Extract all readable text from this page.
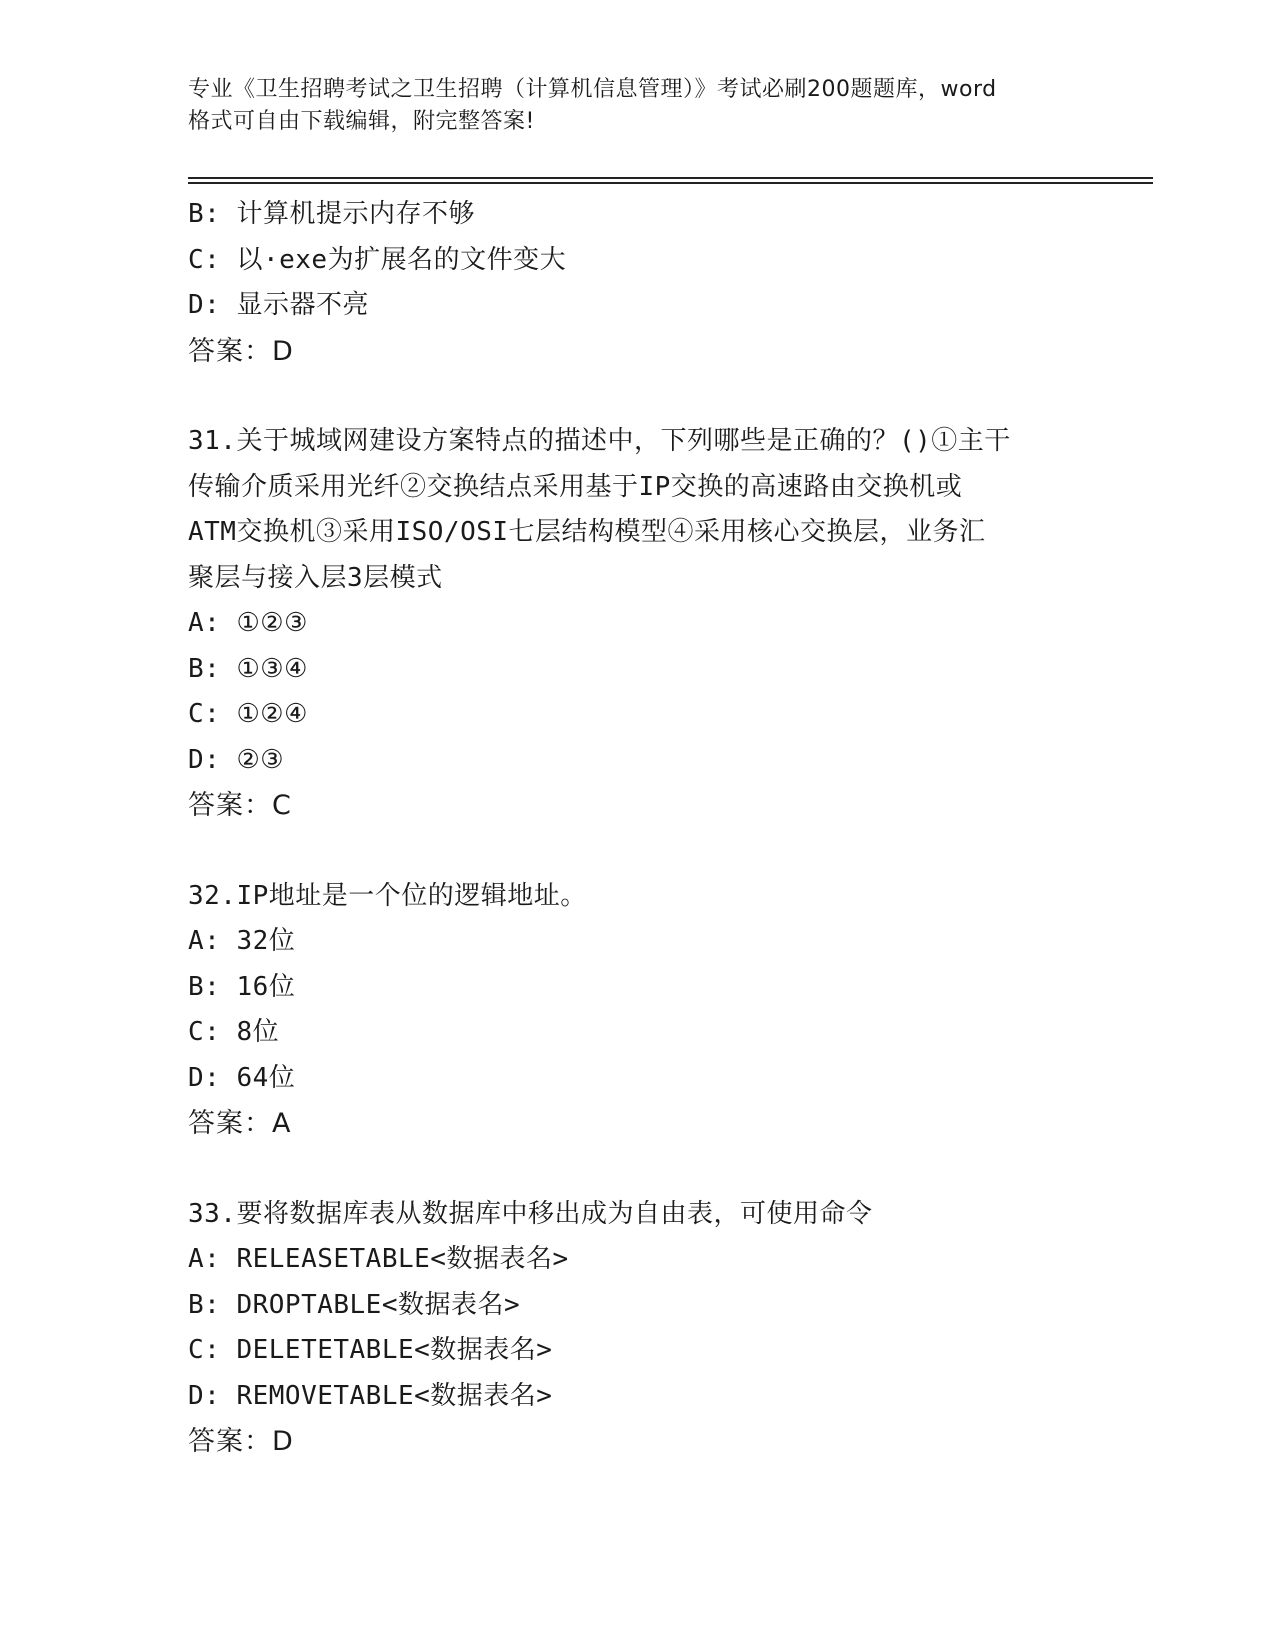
专业《卫生招聘考试之卫生招聘（计算机信息管理）》考试必刷200题题库，word
格式可自由下载编辑，附完整答案!
B: 计算机提示内存不够
C: 以·exe为扩展名的文件变大
D: 显示器不亮
答案：D
31.关于城域网建设方案特点的描述中，下列哪些是正确的？()①主干
传输介质采用光纤②交换结点采用基于IP交换的高速路由交换机或
ATM交换机③采用ISO/OSI七层结构模型④采用核心交换层，业务汇
聚层与接入层3层模式
A: ①②③
B: ①③④
C: ①②④
D: ②③
答案：C
32.IP地址是一个位的逻辑地址。
A: 32位
B: 16位
C: 8位
D: 64位
答案：A
33.要将数据库表从数据库中移出成为自由表，可使用命令
A: RELEASETABLE<数据表名>
B: DROPTABLE<数据表名>
C: DELETETABLE<数据表名>
D: REMOVETABLE<数据表名>
答案：D
